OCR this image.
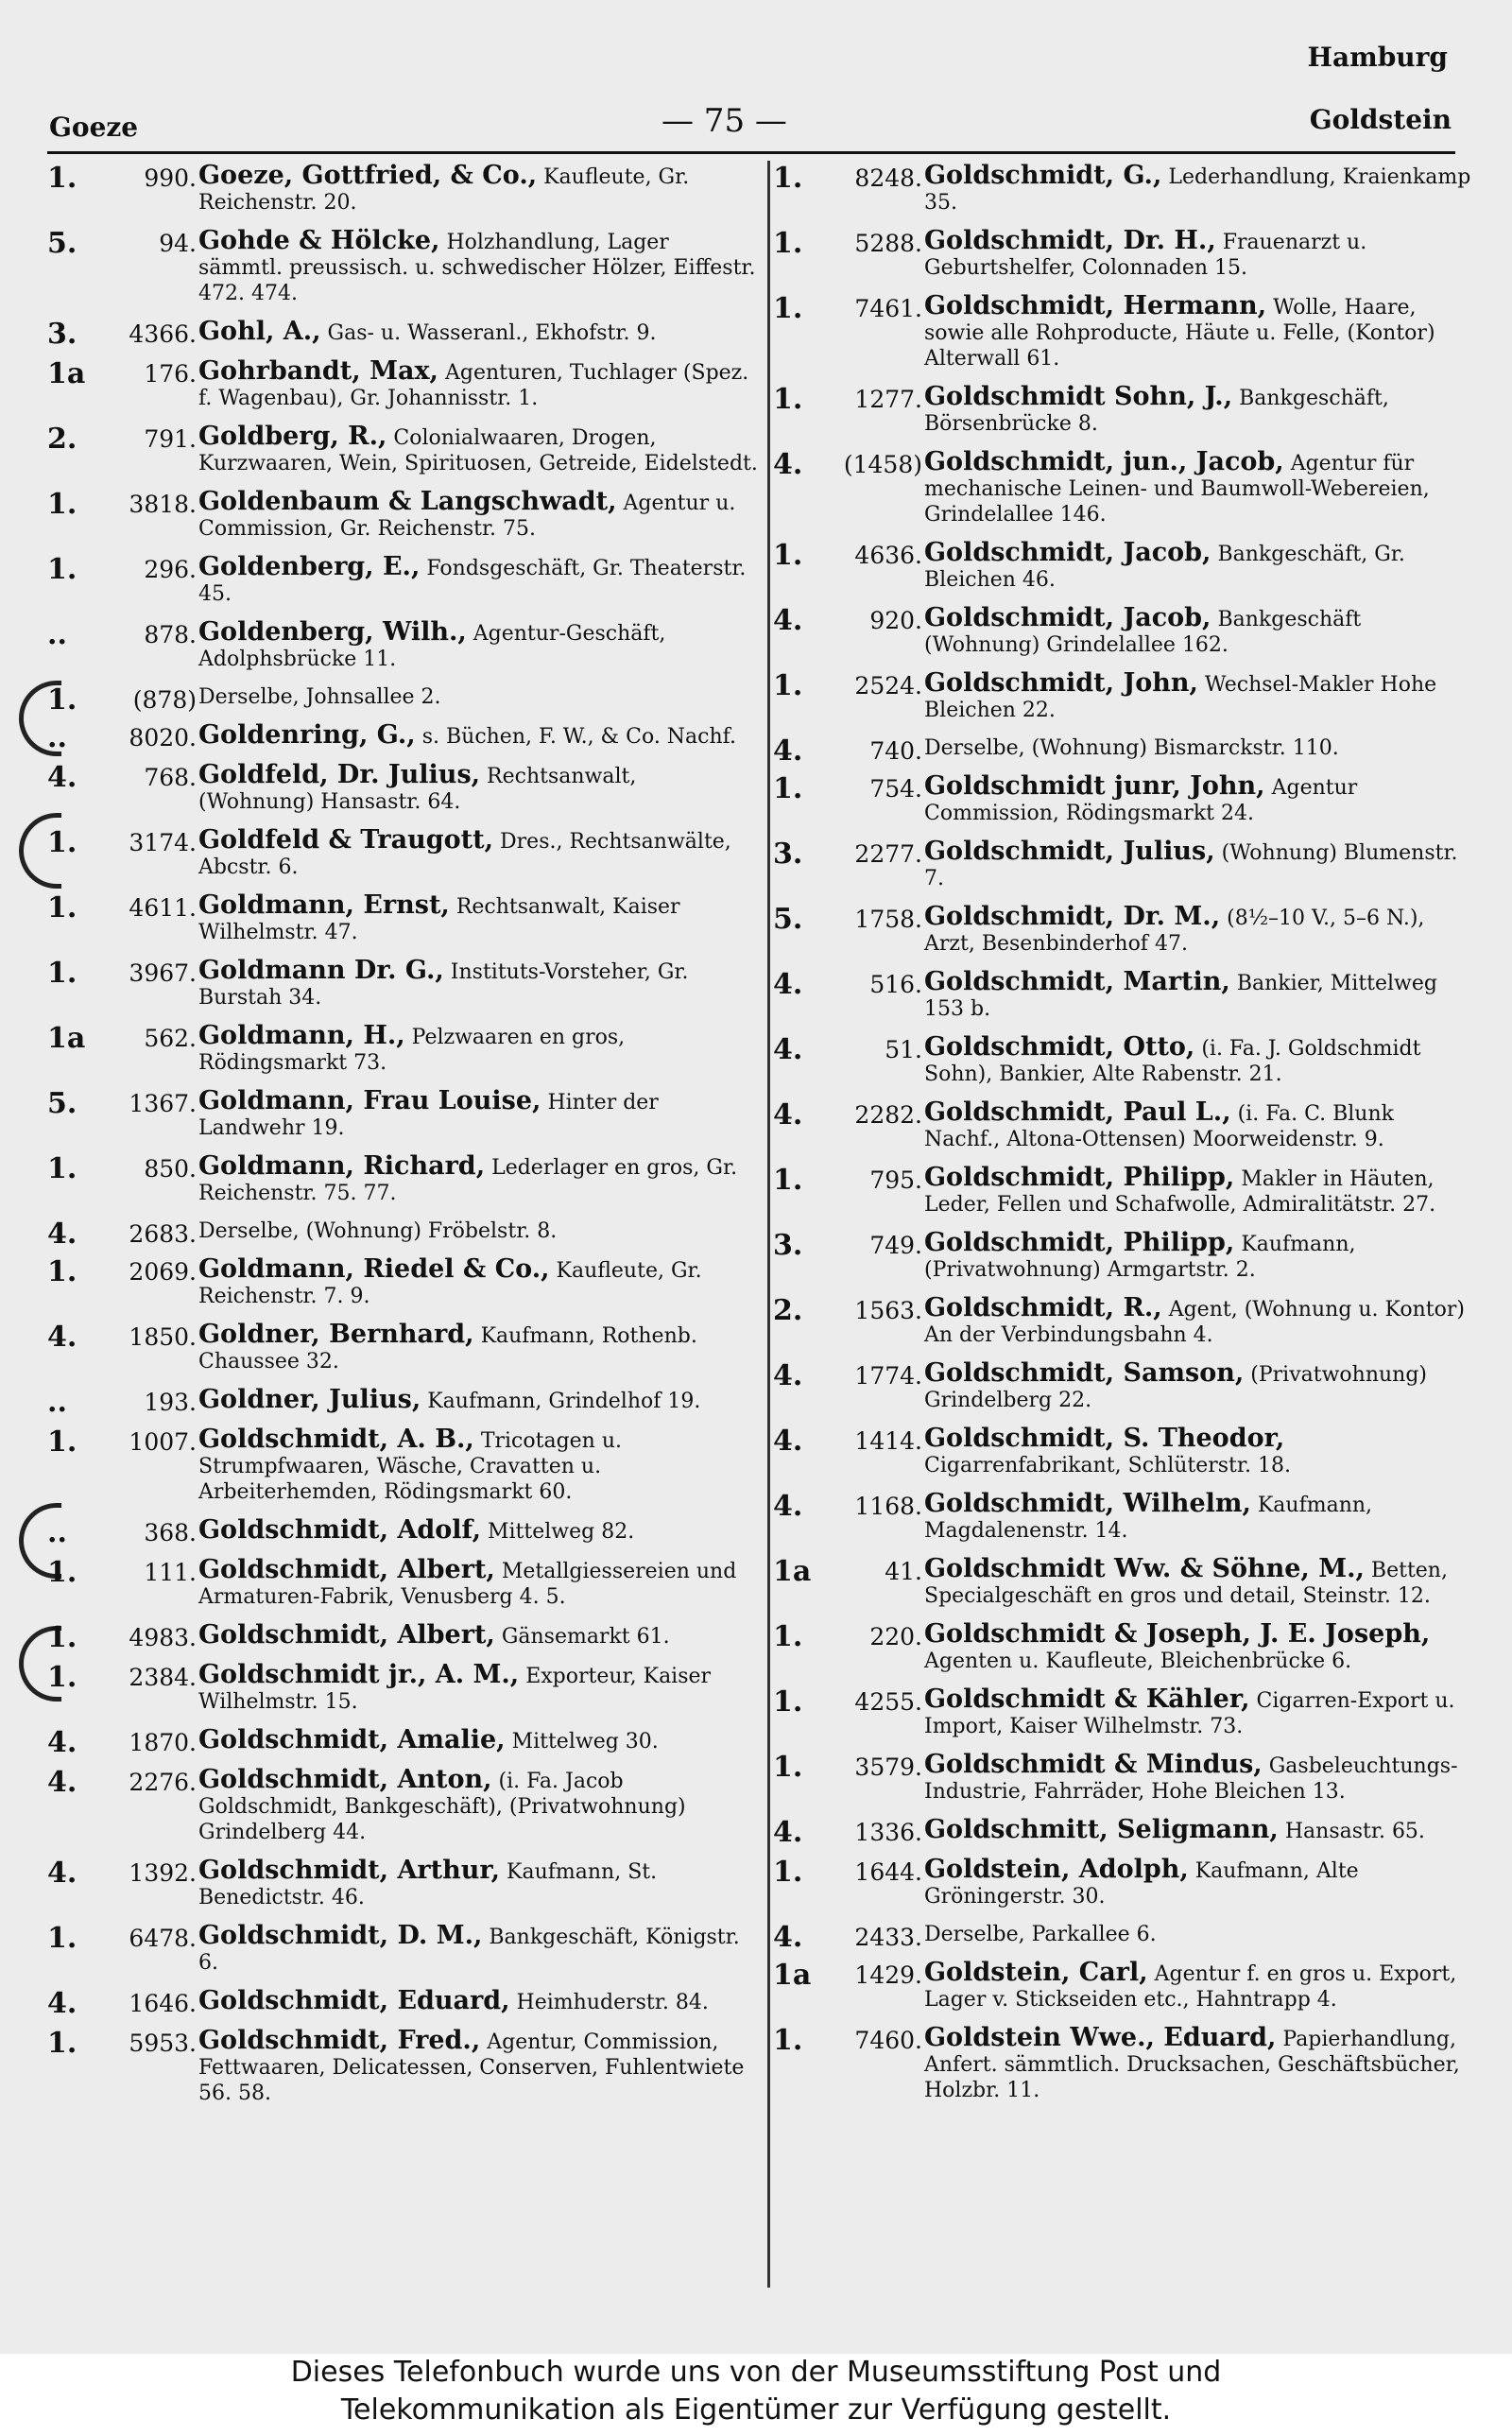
Hamburg
Goeze	— 75 —	Goldstein
1.	990. Goeze, Gottfried, & Co., Kaufleute, Gr. Reichenstr. 20.
5.	94. Gohde & Hölcke, Holzhandlung, Lager sämmtl. preussisch. u. schwedischer Hölzer, Eiffestr. 472. 474.
3.	4366. Gohl, A., Gas- u. Wasseranl., Ekhofstr. 9.
1a	176. Gohrbandt, Max, Agenturen, Tuchlager (Spez. f. Wagenbau), Gr. Johannisstr. 1.
2.	791. Goldberg, R., Colonialwaaren, Drogen, Kurzwaaren, Wein, Spirituosen, Getreide, Eidelstedt.
1.	3818. Goldenbaum & Langschwadt, Agentur u. Commission, Gr. Reichenstr. 75.
1.	296. Goldenberg, E., Fondsgeschäft, Gr. Theaterstr. 45.
..	878. Goldenberg, Wilh., Agentur-Geschäft, Adolphsbrücke 11.
1.	(878) Derselbe, Johnsallee 2.
..	8020. Goldenring, G., s. Büchen, F. W., & Co. Nachf.
4.	768. Goldfeld, Dr. Julius, Rechtsanwalt, (Wohnung) Hansastr. 64.
1.	3174. Goldfeld & Traugott, Dres., Rechtsanwälte, Abcstr. 6.
1.	4611. Goldmann, Ernst, Rechtsanwalt, Kaiser Wilhelmstr. 47.
1.	3967. Goldmann Dr. G., Instituts-Vorsteher, Gr. Burstah 34.
1a	562. Goldmann, H., Pelzwaaren en gros, Rödingsmarkt 73.
5.	1367. Goldmann, Frau Louise, Hinter der Landwehr 19.
1.	850. Goldmann, Richard, Lederlager en gros, Gr. Reichenstr. 75. 77.
4.	2683. Derselbe, (Wohnung) Fröbelstr. 8.
1.	2069. Goldmann, Riedel & Co., Kaufleute, Gr. Reichenstr. 7. 9.
4.	1850. Goldner, Bernhard, Kaufmann, Rothenb. Chaussee 32.
..	193. Goldner, Julius, Kaufmann, Grindelhof 19.
1.	1007. Goldschmidt, A. B., Tricotagen u. Strumpfwaaren, Wäsche, Cravatten u. Arbeiterhemden, Rödingsmarkt 60.
..	368. Goldschmidt, Adolf, Mittelweg 82.
1.	111. Goldschmidt, Albert, Metallgiessereien und Armaturen-Fabrik, Venusberg 4. 5.
1.	4983. Goldschmidt, Albert, Gänsemarkt 61.
1.	2384. Goldschmidt jr., A. M., Exporteur, Kaiser Wilhelmstr. 15.
4.	1870. Goldschmidt, Amalie, Mittelweg 30.
4.	2276. Goldschmidt, Anton, (i. Fa. Jacob Goldschmidt, Bankgeschäft), (Privatwohnung) Grindelberg 44.
4.	1392. Goldschmidt, Arthur, Kaufmann, St. Benedictstr. 46.
1.	6478. Goldschmidt, D. M., Bankgeschäft, Königstr. 6.
4.	1646. Goldschmidt, Eduard, Heimhuderstr. 84.
1.	5953. Goldschmidt, Fred., Agentur, Commission, Fettwaaren, Delicatessen, Conserven, Fuhlentwiete 56. 58.
1.	8248. Goldschmidt, G., Lederhandlung, Kraienkamp 35.
1.	5288. Goldschmidt, Dr. H., Frauenarzt u. Geburtshelfer, Colonnaden 15.
1.	7461. Goldschmidt, Hermann, Wolle, Haare, sowie alle Rohproducte, Häute u. Felle, (Kontor) Alterwall 61.
1.	1277. Goldschmidt Sohn, J., Bankgeschäft, Börsenbrücke 8.
4.	(1458) Goldschmidt, jun., Jacob, Agentur für mechanische Leinen- und Baumwoll-Webereien, Grindelallee 146.
1.	4636. Goldschmidt, Jacob, Bankgeschäft, Gr. Bleichen 46.
4.	920. Goldschmidt, Jacob, Bankgeschäft (Wohnung) Grindelallee 162.
1.	2524. Goldschmidt, John, Wechsel-Makler Hohe Bleichen 22.
4.	740. Derselbe, (Wohnung) Bismarckstr. 110.
1.	754. Goldschmidt junr, John, Agentur Commission, Rödingsmarkt 24.
3.	2277. Goldschmidt, Julius, (Wohnung) Blumenstr. 7.
5.	1758. Goldschmidt, Dr. M., (8½–10 V., 5–6 N.), Arzt, Besenbinderhof 47.
4.	516. Goldschmidt, Martin, Bankier, Mittelweg 153 b.
4.	51. Goldschmidt, Otto, (i. Fa. J. Goldschmidt Sohn), Bankier, Alte Rabenstr. 21.
4.	2282. Goldschmidt, Paul L., (i. Fa. C. Blunk Nachf., Altona-Ottensen) Moorweidenstr. 9.
1.	795. Goldschmidt, Philipp, Makler in Häuten, Leder, Fellen und Schafwolle, Admiralitätstr. 27.
3.	749. Goldschmidt, Philipp, Kaufmann, (Privatwohnung) Armgartstr. 2.
2.	1563. Goldschmidt, R., Agent, (Wohnung u. Kontor) An der Verbindungsbahn 4.
4.	1774. Goldschmidt, Samson, (Privatwohnung) Grindelberg 22.
4.	1414. Goldschmidt, S. Theodor, Cigarrenfabrikant, Schlüterstr. 18.
4.	1168. Goldschmidt, Wilhelm, Kaufmann, Magdalenenstr. 14.
1a	41. Goldschmidt Ww. & Söhne, M., Betten, Specialgeschäft en gros und detail, Steinstr. 12.
1.	220. Goldschmidt & Joseph, J. E. Joseph, Agenten u. Kaufleute, Bleichenbrücke 6.
1.	4255. Goldschmidt & Kähler, Cigarren-Export u. Import, Kaiser Wilhelmstr. 73.
1.	3579. Goldschmidt & Mindus, Gasbeleuchtungs-Industrie, Fahrräder, Hohe Bleichen 13.
4.	1336. Goldschmitt, Seligmann, Hansastr. 65.
1.	1644. Goldstein, Adolph, Kaufmann, Alte Gröningerstr. 30.
4.	2433. Derselbe, Parkallee 6.
1a	1429. Goldstein, Carl, Agentur f. en gros u. Export, Lager v. Stickseiden etc., Hahntrapp 4.
1.	7460. Goldstein Wwe., Eduard, Papierhandlung, Anfert. sämmtlich. Drucksachen, Geschäftsbücher, Holzbr. 11.
Dieses Telefonbuch wurde uns von der Museumsstiftung Post und
Telekommunikation als Eigentümer zur Verfügung gestellt.
